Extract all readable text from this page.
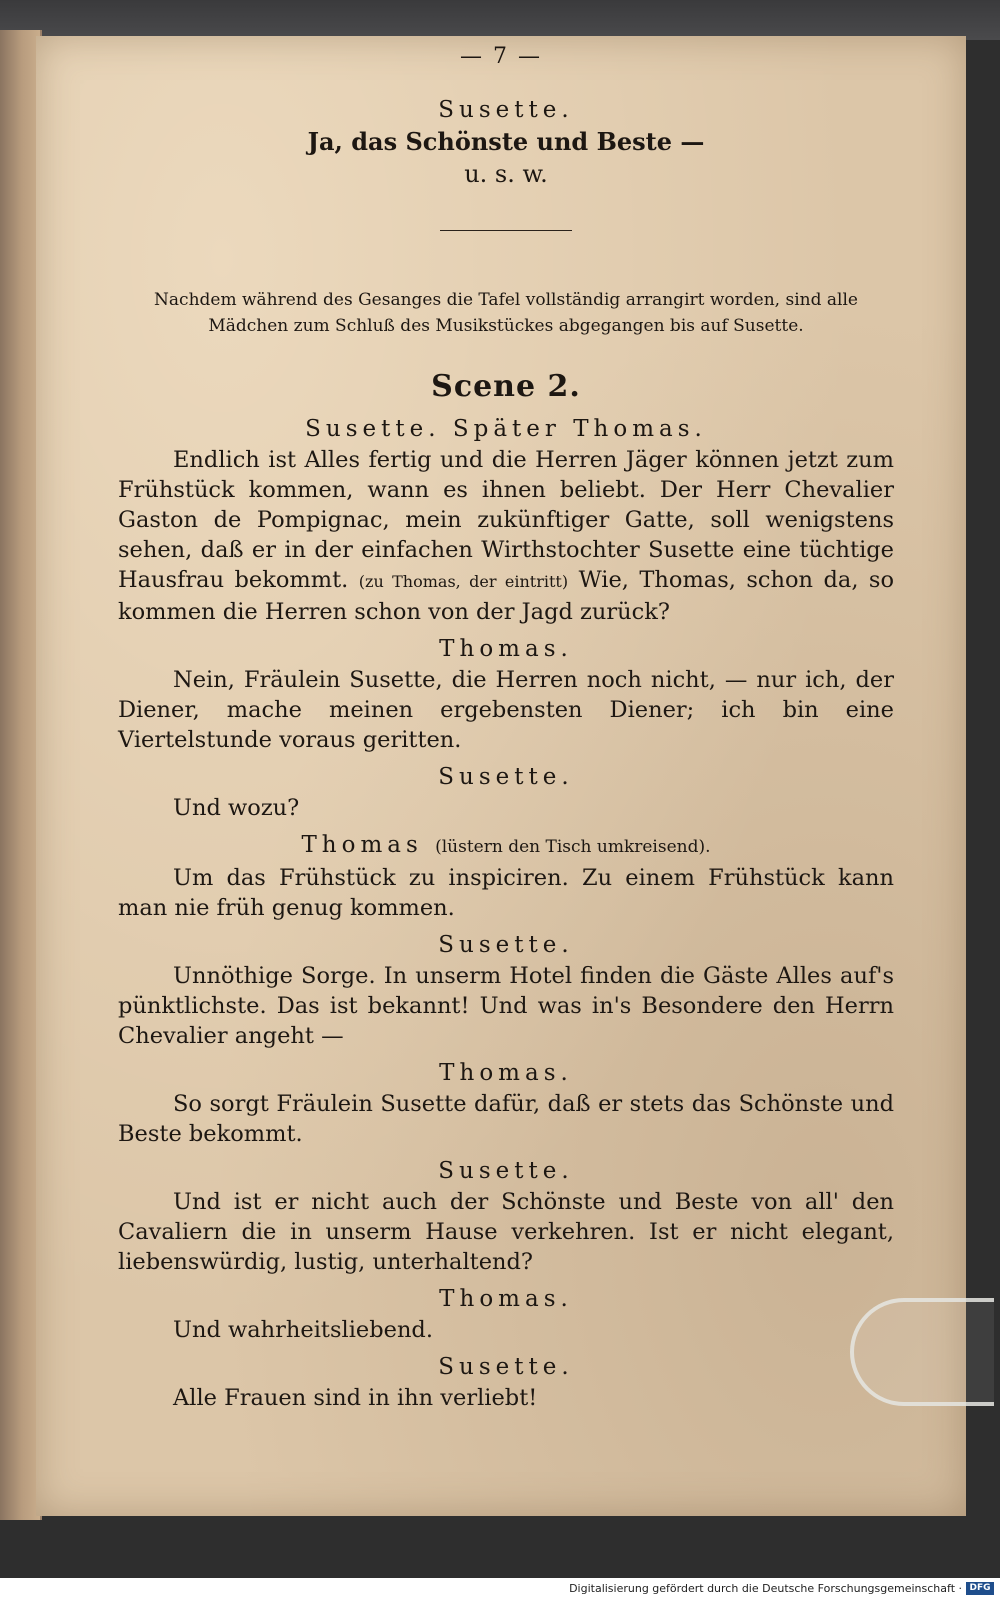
— 7 —

Susette.

Ja, das Schönste und Beste —

u. s. w.

Nachdem während des Gesanges die Tafel vollständig arrangirt worden, sind alle Mädchen zum Schluß des Musikstückes abgegangen bis auf Susette.

Scene 2.

Susette. Später Thomas.

Endlich ist Alles fertig und die Herren Jäger können jetzt zum Frühstück kommen, wann es ihnen beliebt. Der Herr Chevalier Gaston de Pompignac, mein zukünftiger Gatte, soll wenigstens sehen, daß er in der einfachen Wirthstochter Susette eine tüchtige Hausfrau bekommt. (zu Thomas, der eintritt) Wie, Thomas, schon da, so kommen die Herren schon von der Jagd zurück?

Thomas.

Nein, Fräulein Susette, die Herren noch nicht, — nur ich, der Diener, mache meinen ergebensten Diener; ich bin eine Viertelstunde voraus geritten.

Susette.

Und wozu?

Thomas (lüstern den Tisch umkreisend).

Um das Frühstück zu inspiciren. Zu einem Frühstück kann man nie früh genug kommen.

Susette.

Unnöthige Sorge. In unserm Hotel finden die Gäste Alles auf's pünktlichste. Das ist bekannt! Und was in's Besondere den Herrn Chevalier angeht —

Thomas.

So sorgt Fräulein Susette dafür, daß er stets das Schönste und Beste bekommt.

Susette.

Und ist er nicht auch der Schönste und Beste von all' den Cavaliern die in unserm Hause verkehren. Ist er nicht elegant, liebenswürdig, lustig, unterhaltend?

Thomas.

Und wahrheitsliebend.

Susette.

Alle Frauen sind in ihn verliebt!

Digitalisierung gefördert durch die Deutsche Forschungsgemeinschaft · DFG
